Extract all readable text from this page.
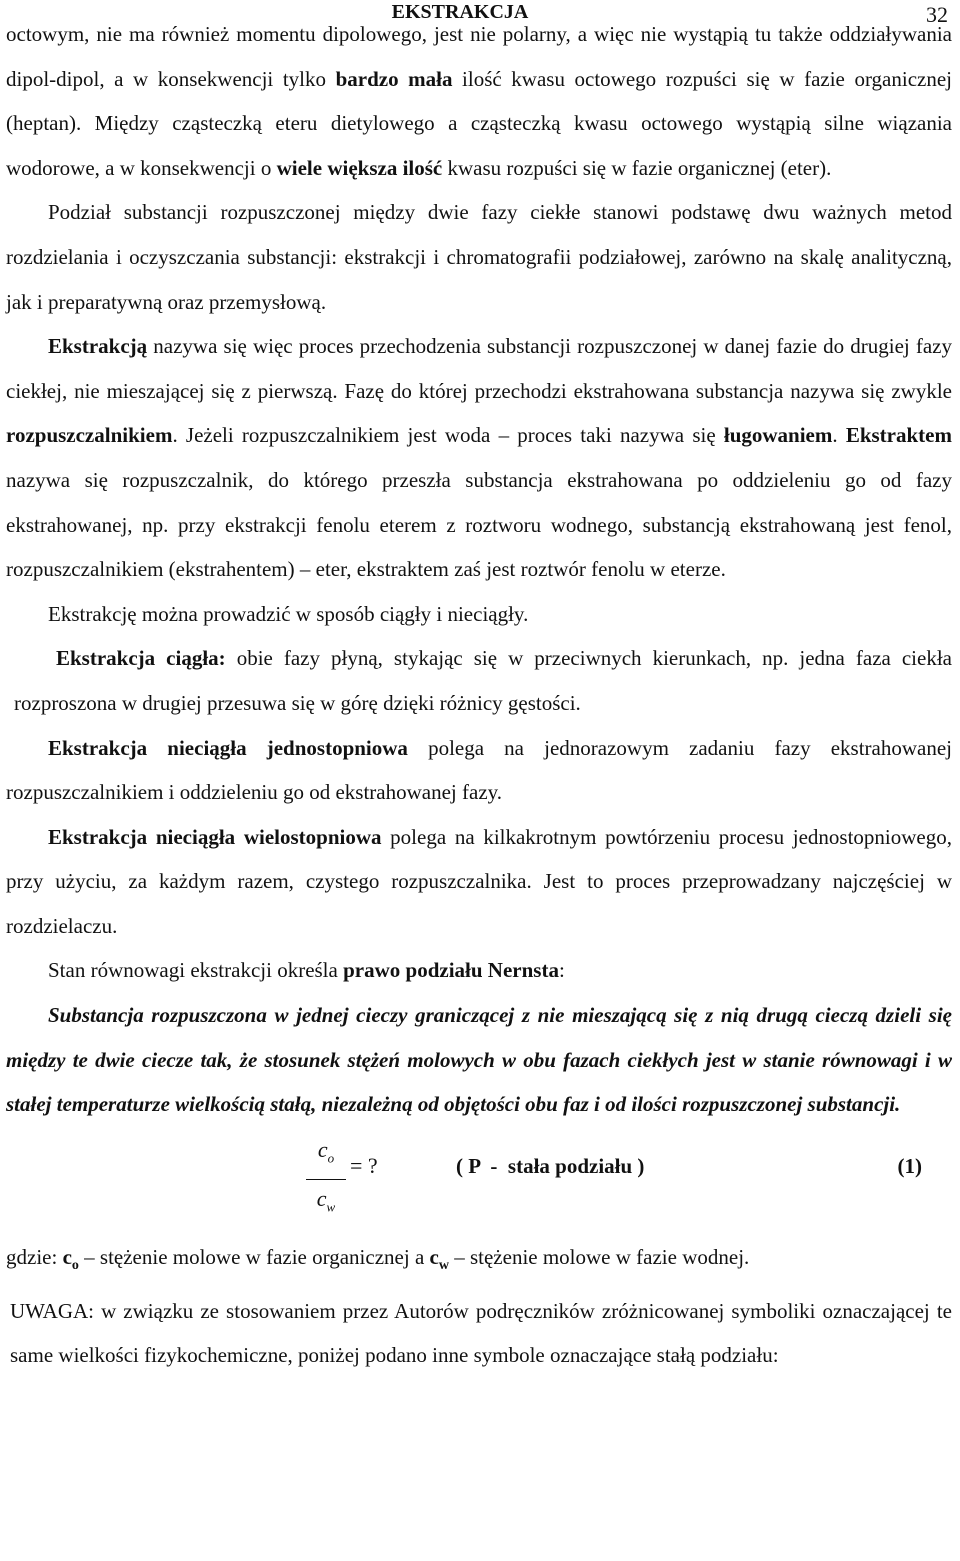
EKSTRAKCJA	32

octowym, nie ma również momentu dipolowego, jest nie polarny, a więc nie wystąpią tu także oddziaływania dipol-dipol, a w konsekwencji tylko bardzo mała ilość kwasu octowego rozpuści się w fazie organicznej (heptan). Między cząsteczką eteru dietylowego a cząsteczką kwasu octowego wystąpią silne wiązania wodorowe, a w konsekwencji o wiele większa ilość kwasu rozpuści się w fazie organicznej (eter).

Podział substancji rozpuszczonej między dwie fazy ciekłe stanowi podstawę dwu ważnych metod rozdzielania i oczyszczania substancji: ekstrakcji i chromatografii podziałowej, zarówno na skalę analityczną, jak i preparatywną oraz przemysłową.

Ekstrakcją nazywa się więc proces przechodzenia substancji rozpuszczonej w danej fazie do drugiej fazy ciekłej, nie mieszającej się z pierwszą. Fazę do której przechodzi ekstrahowana substancja nazywa się zwykle rozpuszczalnikiem. Jeżeli rozpuszczalnikiem jest woda – proces taki nazywa się ługowaniem. Ekstraktem nazywa się rozpuszczalnik, do którego przeszła substancja ekstrahowana po oddzieleniu go od fazy ekstrahowanej, np. przy ekstrakcji fenolu eterem z roztworu wodnego, substancją ekstrahowaną jest fenol, rozpuszczalnikiem (ekstrahentem) – eter, ekstraktem zaś jest roztwór fenolu w eterze.

Ekstrakcję można prowadzić w sposób ciągły i nieciągły.

Ekstrakcja ciągła: obie fazy płyną, stykając się w przeciwnych kierunkach, np. jedna faza ciekła rozproszona w drugiej przesuwa się w górę dzięki różnicy gęstości.

Ekstrakcja nieciągła jednostopniowa polega na jednorazowym zadaniu fazy ekstrahowanej rozpuszczalnikiem i oddzieleniu go od ekstrahowanej fazy.

Ekstrakcja nieciągła wielostopniowa polega na kilkakrotnym powtórzeniu procesu jednostopniowego, przy użyciu, za każdym razem, czystego rozpuszczalnika. Jest to proces przeprowadzany najczęściej w rozdzielaczu.

Stan równowagi ekstrakcji określa prawo podziału Nernsta:

Substancja rozpuszczona w jednej cieczy graniczącej z nie mieszającą się z nią drugą cieczą dzieli się między te dwie ciecze tak, że stosunek stężeń molowych w obu fazach ciekłych jest w stanie równowagi i w stałej temperaturze wielkością stałą, niezależną od objętości obu faz i od ilości rozpuszczonej substancji.

$c_o$
$c_w$
= ?	( P  -  stała podziału )	(1)

gdzie: $c_o$ – stężenie molowe w fazie organicznej a $c_w$ – stężenie molowe w fazie wodnej.

UWAGA: w związku ze stosowaniem przez Autorów podręczników zróżnicowanej symboliki oznaczającej te same wielkości fizykochemiczne, poniżej podano inne symbole oznaczające stałą podziału:
